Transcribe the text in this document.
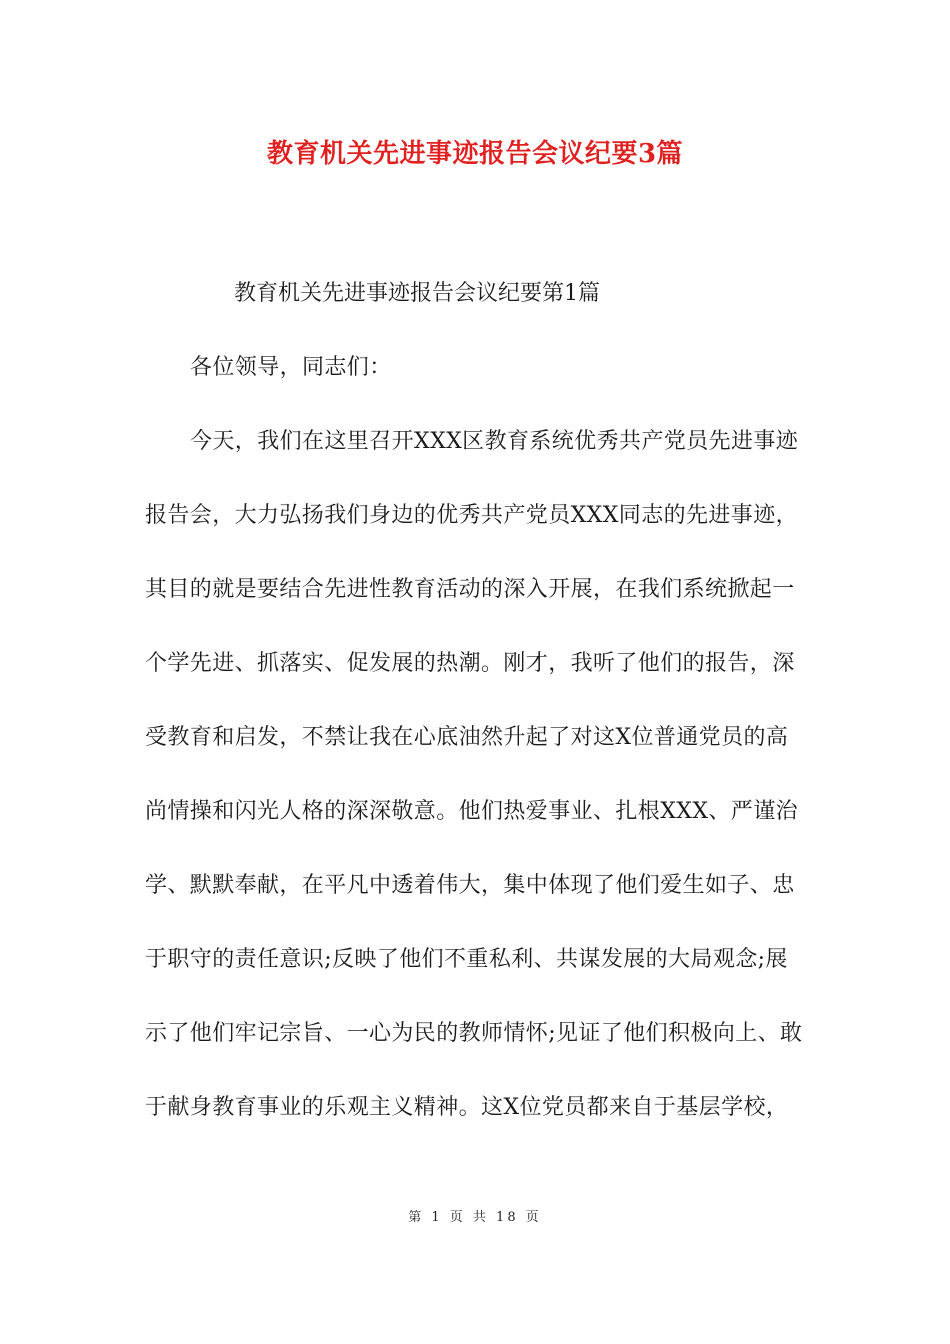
教育机关先进事迹报告会议纪要3篇
教育机关先进事迹报告会议纪要第1篇
各位领导，同志们：
今天，我们在这里召开XXX区教育系统优秀共产党员先进事迹
报告会，大力弘扬我们身边的优秀共产党员XXX同志的先进事迹，
其目的就是要结合先进性教育活动的深入开展，在我们系统掀起一
个学先进、抓落实、促发展的热潮。刚才，我听了他们的报告，深
受教育和启发，不禁让我在心底油然升起了对这X位普通党员的高
尚情操和闪光人格的深深敬意。他们热爱事业、扎根XXX、严谨治
学、默默奉献，在平凡中透着伟大，集中体现了他们爱生如子、忠
于职守的责任意识;反映了他们不重私利、共谋发展的大局观念;展
示了他们牢记宗旨、一心为民的教师情怀;见证了他们积极向上、敢
于献身教育事业的乐观主义精神。这X位党员都来自于基层学校，
第 1 页 共 18 页
